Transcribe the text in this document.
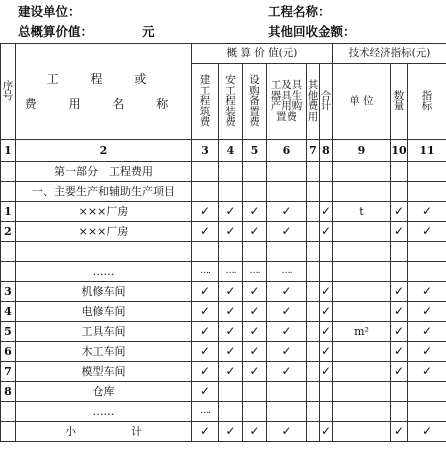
建设单位：	工程名称：
总概算价值：	元	其他回收金额：
序 号	工 程 或
费 用 名 称	概 算 价 值(元)						技术经济指标(元)		
		建工程筑费	安工程装费	设购备置费	工及具器具生产用购置费	其他费用	合计	单 位	数量	指标
1	2	3	4	5	6	7	8	9	10	11
	第一部分　工程费用									
	一、主要生产和辅助生产项目									
1	×××厂房	✓	✓	✓	✓		✓	t	✓	✓
2	×××厂房	✓	✓	✓	✓		✓		✓	✓

	……	….	….	….	….					
3	机修车间	✓	✓	✓	✓		✓		✓	✓
4	电修车间	✓	✓	✓	✓		✓		✓	✓
5	工具车间	✓	✓	✓	✓		✓	m²	✓	✓
6	木工车间	✓	✓	✓	✓		✓		✓	✓
7	模型车间	✓	✓	✓	✓		✓		✓	✓
8	仓库	✓								
	……	….								
	小　　　　　计	✓	✓	✓	✓		✓		✓	✓
